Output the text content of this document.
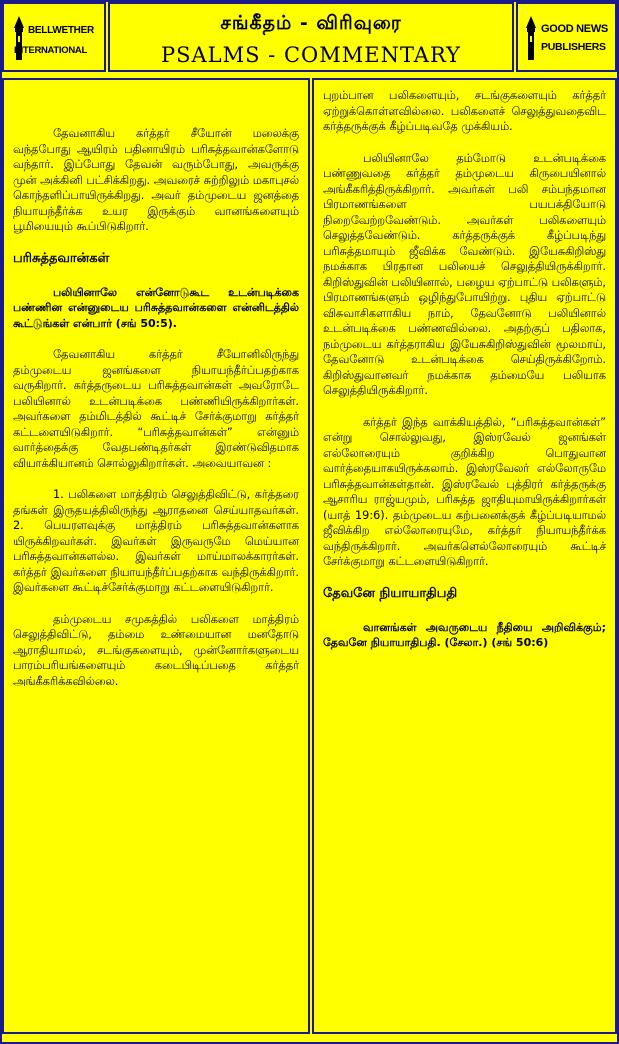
BELLWETHER
INTERNATIONAL
சங்கீதம் - விரிவுரை
PSALMS - COMMENTARY
GOOD NEWS
PUBLISHERS

தேவனாகிய கர்த்தர் சீயோன் மலைக்கு வந்தபோது ஆயிரம் பதினாயிரம் பரிசுத்தவான்களோடு வந்தார். இப்போது தேவன் வரும்போது, அவருக்கு முன் அக்கினி பட்சிக்கிறது. அவரைச் சுற்றிலும் மகாபுசல் கொந்தளிப்பாயிருக்கிறது. அவர் தம்முடைய ஜனத்தை நியாயந்தீர்க்க உயர இருக்கும் வானங்களையும் பூமியையும் கூப்பிடுகிறார்.

பரிசுத்தவான்கள்

பலியினாலே என்னோடுகூட உடன்படிக்கை பண்ணின என்னுடைய பரிசுத்தவான்களை என்னிடத்தில் கூட்டுங்கள் என்பார் (சங் 50:5).

தேவனாகிய கர்த்தர் சீயோனிலிருந்து தம்முடைய ஜனங்களை நியாயந்தீர்ப்பதற்காக வருகிறார். கர்த்தருடைய பரிசுத்தவான்கள் அவரோடே பலியினால் உடன்படிக்கை பண்ணியிருக்கிறார்கள். அவர்களை தம்மிடத்தில் கூட்டிச் சேர்க்குமாறு கர்த்தர் கட்டளையிடுகிறார். “பரிசுத்தவான்கள்” என்னும் வார்த்தைக்கு வேதபண்டிதர்கள் இரண்டுவிதமாக வியாக்கியானம் சொல்லுகிறார்கள். அவையாவன :

1. பலிகளை மாத்திரம் செலுத்திவிட்டு, கர்த்தரை தங்கள் இருதயத்திலிருந்து ஆராதனை செய்யாதவர்கள். 2. பெயரளவுக்கு மாத்திரம் பரிசுத்தவான்களாக யிருக்கிறவர்கள். இவர்கள் இருவருமே மெய்யான பரிசுத்தவான்களல்ல. இவர்கள் மாய்மாலக்காரர்கள். கர்த்தர் இவர்களை நியாயந்தீர்ப்பதற்காக வந்திருக்கிறார். இவர்களை கூட்டிச்சேர்க்குமாறு கட்டளையிடுகிறார்.

தம்முடைய சமுகத்தில் பலிகளை மாத்திரம் செலுத்திவிட்டு, தம்மை உண்மையான மனதோடு ஆராதியாமல், சடங்குகளையும், முன்னோர்களுடைய பாரம்பரியங்களையும் கடைபிடிப்பதை கர்த்தர் அங்கீகரிக்கவில்லை.

புறம்பான பலிகளையும், சடங்குகளையும் கர்த்தர் ஏற்றுக்கொள்ளவில்லை. பலிகளைச் செலுத்துவதைவிட கர்த்தருக்குக் கீழ்ப்படிவதே முக்கியம்.

பலியினாலே தம்மோடு உடன்படிக்கை பண்ணுவதை கர்த்தர் தம்முடைய கிருபையினால் அங்கீகரித்திருக்கிறார். அவர்கள் பலி சம்பந்தமான பிரமாணங்களை பயபக்தியோடு நிறைவேற்றவேண்டும். அவர்கள் பலிகளையும் செலுத்தவேண்டும். கர்த்தருக்குக் கீழ்ப்படிந்து பரிசுத்தமாயும் ஜீவிக்க வேண்டும். இயேசுகிறிஸ்து நமக்காக பிரதான பலியைச் செலுத்தியிருக்கிறார். கிறிஸ்துவின் பலியினால், பழைய ஏற்பாட்டு பலிகளும், பிரமாணங்களும் ஒழிந்துபோயிற்று. புதிய ஏற்பாட்டு விசுவாசிகளாகிய நாம், தேவனோடு பலியினால் உடன்படிக்கை பண்ணவில்லை. அதற்குப் பதிலாக, நம்முடைய கர்த்தராகிய இயேசுகிறிஸ்துவின் மூலமாய், தேவனோடு உடன்படிக்கை செய்திருக்கிறோம். கிறிஸ்துவானவர் நமக்காக தம்மையே பலியாக செலுத்தியிருக்கிறார்.

கர்த்தர் இந்த வாக்கியத்தில், “பரிசுத்தவான்கள்” என்று சொல்லுவது, இஸ்ரவேல் ஜனங்கள் எல்லோரையும் குறிக்கிற பொதுவான வார்த்தையாகயிருக்கலாம். இஸ்ரவேலர் எல்லோருமே பரிசுத்தவான்கள்தான். இஸ்ரவேல் புத்திரர் கர்த்தருக்கு ஆசாரிய ராஜ்யமும், பரிசுத்த ஜாதியுமாயிருக்கிறார்கள் (யாத் 19:6). தம்முடைய கற்பனைக்குக் கீழ்ப்படியாமல் ஜீவிக்கிற எல்லோரையுமே, கர்த்தர் நியாயந்தீர்க்க வந்திருக்கிறார். அவர்களெல்லோரையும் கூட்டிச் சேர்க்குமாறு கட்டளையிடுகிறார்.

தேவனே நியாயாதிபதி

வானங்கள் அவருடைய நீதியை அறிவிக்கும்; தேவனே நியாயாதிபதி. (சேலா.) (சங் 50:6)
